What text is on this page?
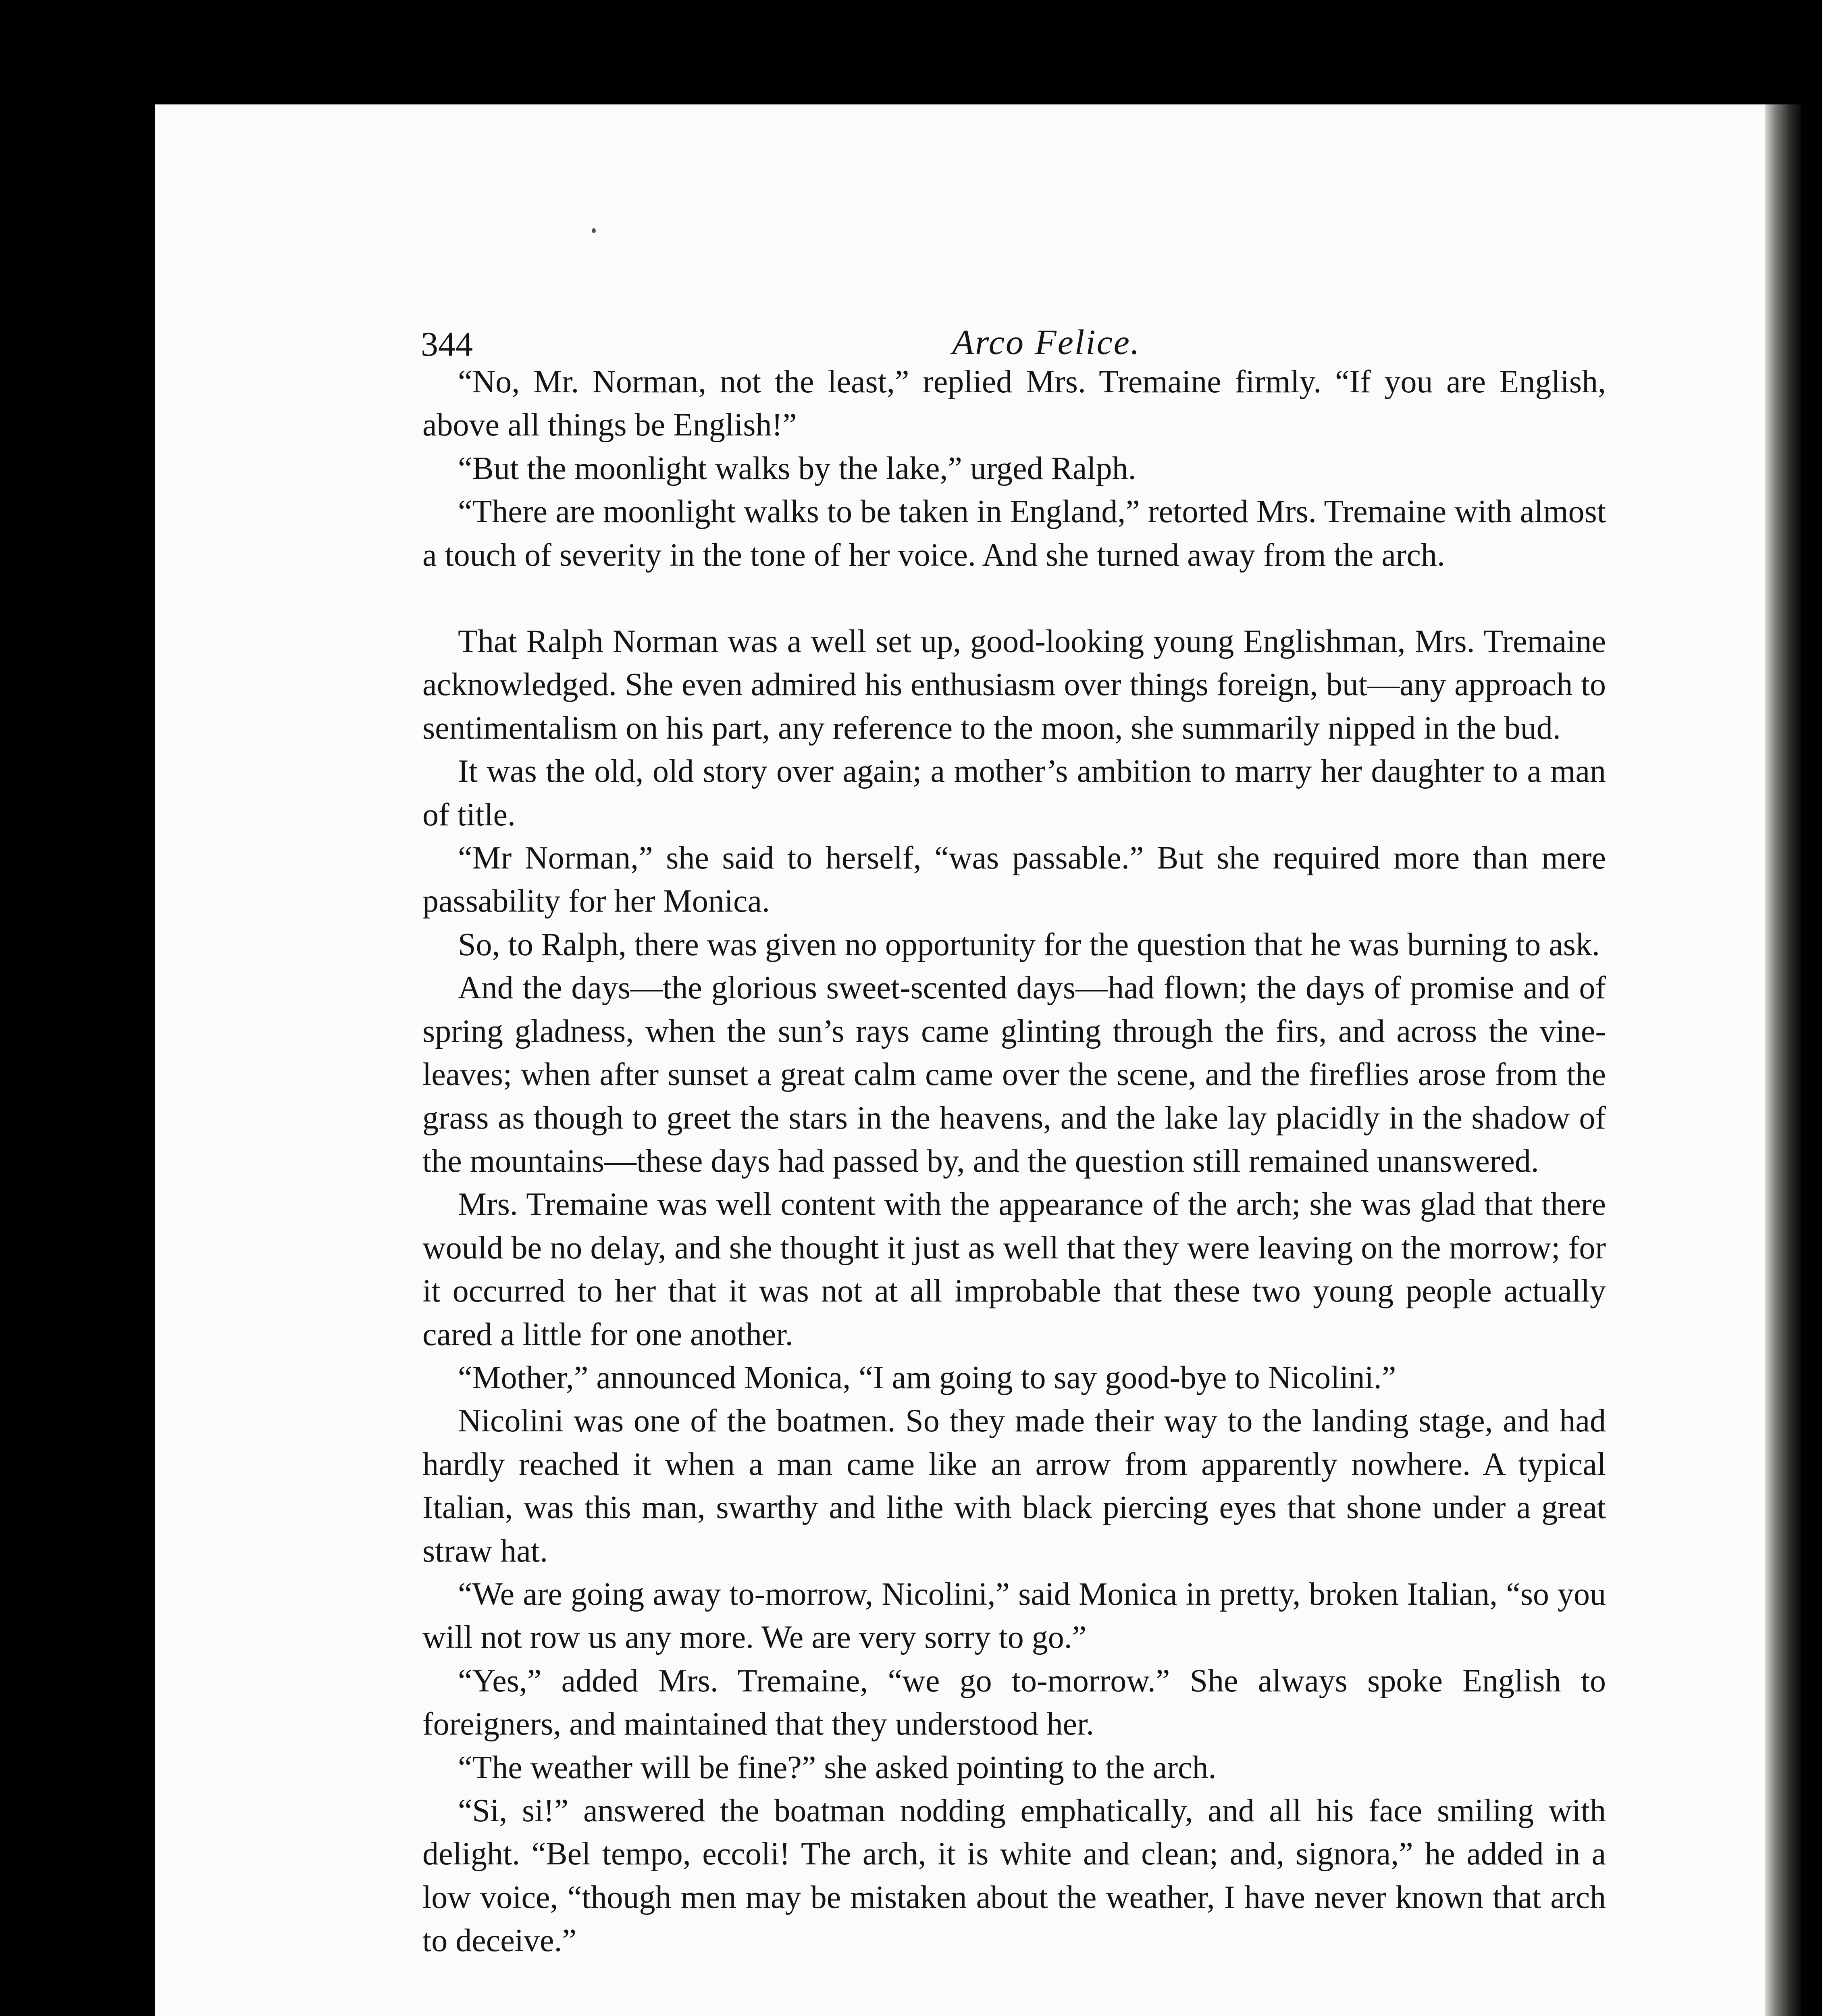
344	Arco Felice.

“No, Mr. Norman, not the least,” replied Mrs. Tremaine firmly. “If you are English, above all things be English!”

“But the moonlight walks by the lake,” urged Ralph.

“There are moonlight walks to be taken in England,” retorted Mrs. Tremaine with almost a touch of severity in the tone of her voice. And she turned away from the arch.

That Ralph Norman was a well set up, good-looking young Englishman, Mrs. Tremaine acknowledged. She even admired his enthusiasm over things foreign, but—any approach to sentimentalism on his part, any reference to the moon, she summarily nipped in the bud.

It was the old, old story over again; a mother’s ambition to marry her daughter to a man of title.

“Mr Norman,” she said to herself, “was passable.” But she required more than mere passability for her Monica.

So, to Ralph, there was given no opportunity for the question that he was burning to ask.

And the days—the glorious sweet-scented days—had flown; the days of promise and of spring gladness, when the sun’s rays came glinting through the firs, and across the vine-leaves; when after sunset a great calm came over the scene, and the fireflies arose from the grass as though to greet the stars in the heavens, and the lake lay placidly in the shadow of the mountains—these days had passed by, and the question still remained unanswered.

Mrs. Tremaine was well content with the appearance of the arch; she was glad that there would be no delay, and she thought it just as well that they were leaving on the morrow; for it occurred to her that it was not at all improbable that these two young people actually cared a little for one another.

“Mother,” announced Monica, “I am going to say good-bye to Nicolini.”

Nicolini was one of the boatmen. So they made their way to the landing stage, and had hardly reached it when a man came like an arrow from apparently nowhere. A typical Italian, was this man, swarthy and lithe with black piercing eyes that shone under a great straw hat.

“We are going away to-morrow, Nicolini,” said Monica in pretty, broken Italian, “so you will not row us any more. We are very sorry to go.”

“Yes,” added Mrs. Tremaine, “we go to-morrow.” She always spoke English to foreigners, and maintained that they understood her.

“The weather will be fine?” she asked pointing to the arch.

“Si, si!” answered the boatman nodding emphatically, and all his face smiling with delight. “Bel tempo, eccoli! The arch, it is white and clean; and, signora,” he added in a low voice, “though men may be mistaken about the weather, I have never known that arch to deceive.”
